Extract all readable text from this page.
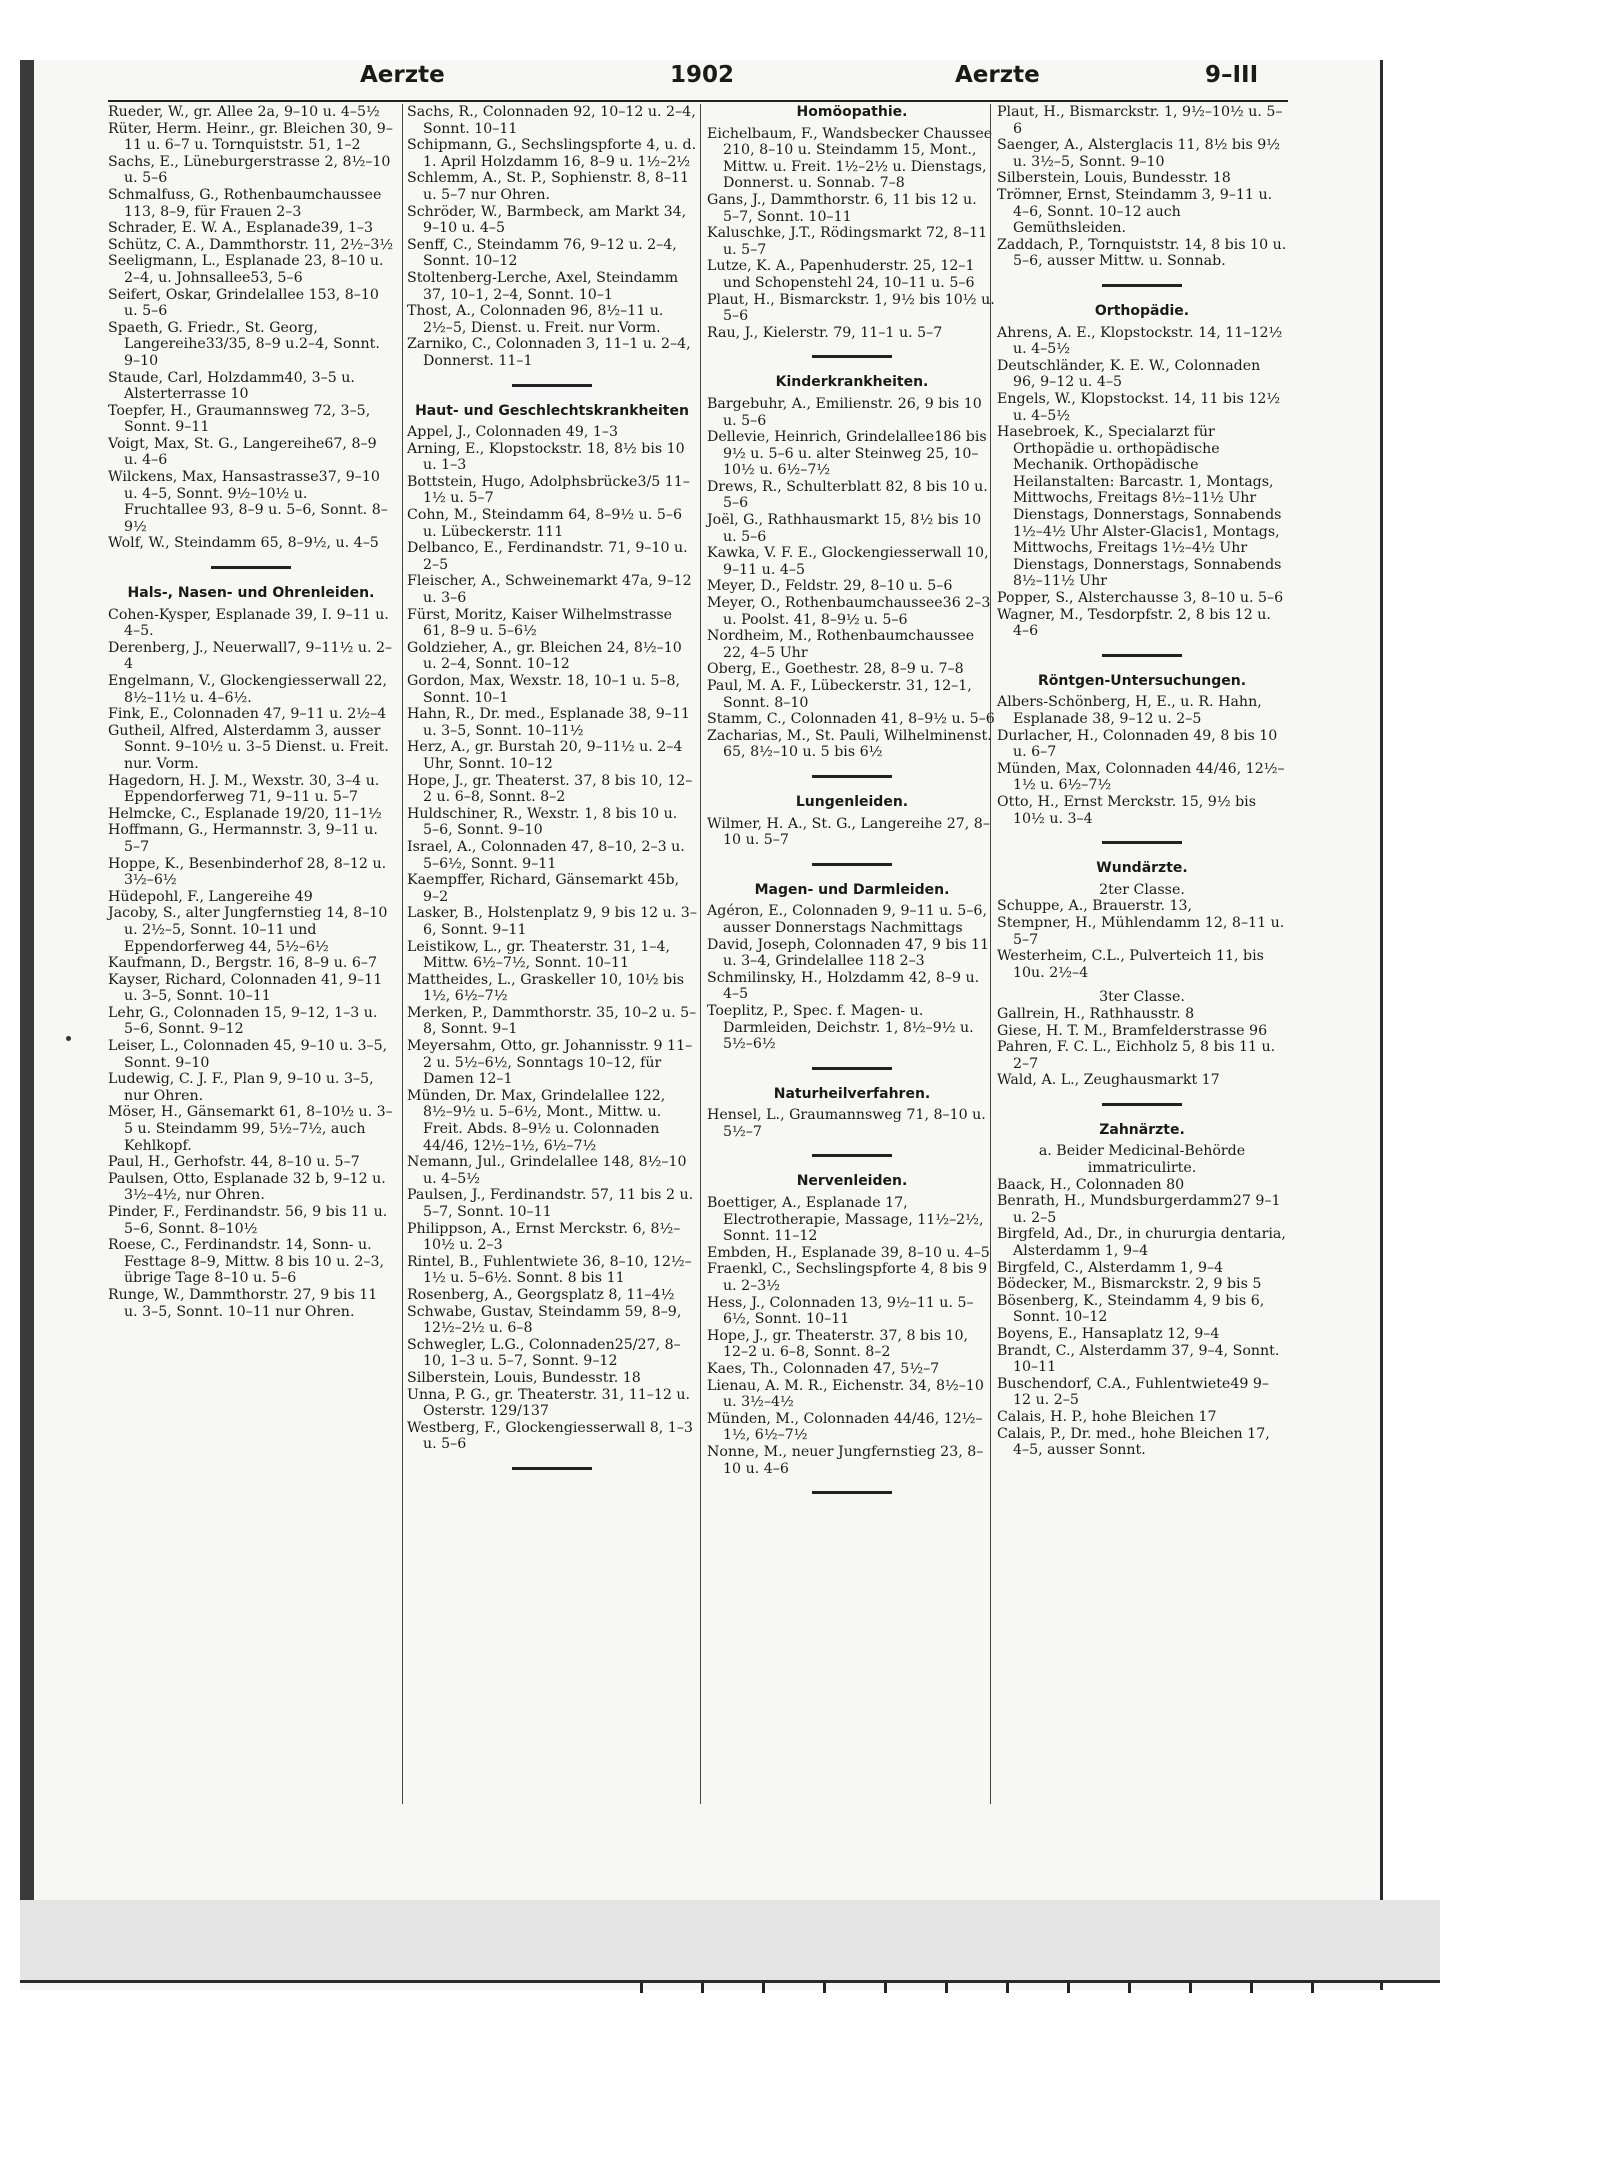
Aerzte	1902	Aerzte	9–III

Rueder, W., gr. Allee 2a, 9–10 u. 4–5½

Rüter, Herm. Heinr., gr. Bleichen 30, 9–11 u. 6–7 u. Tornquiststr. 51, 1–2

Sachs, E., Lüneburgerstrasse 2, 8½–10 u. 5–6

Schmalfuss, G., Rothenbaumchaussee 113, 8–9, für Frauen 2–3

Schrader, E. W. A., Esplanade39, 1–3

Schütz, C. A., Dammthorstr. 11, 2½–3½

Seeligmann, L., Esplanade 23, 8–10 u. 2–4, u. Johnsallee53, 5–6

Seifert, Oskar, Grindelallee 153, 8–10 u. 5–6

Spaeth, G. Friedr., St. Georg, Langereihe33/35, 8–9 u.2–4, Sonnt. 9–10

Staude, Carl, Holzdamm40, 3–5 u. Alsterterrasse 10

Toepfer, H., Graumannsweg 72, 3–5, Sonnt. 9–11

Voigt, Max, St. G., Langereihe67, 8–9 u. 4–6

Wilckens, Max, Hansastrasse37, 9–10 u. 4–5, Sonnt. 9½–10½ u. Fruchtallee 93, 8–9 u. 5–6, Sonnt. 8–9½

Wolf, W., Steindamm 65, 8–9½, u. 4–5

Hals-, Nasen- und Ohrenleiden.

Cohen-Kysper, Esplanade 39, I. 9–11 u. 4–5.

Derenberg, J., Neuerwall7, 9–11½ u. 2–4

Engelmann, V., Glockengiesserwall 22, 8½–11½ u. 4–6½.

Fink, E., Colonnaden 47, 9–11 u. 2½–4

Gutheil, Alfred, Alsterdamm 3, ausser Sonnt. 9–10½ u. 3–5 Dienst. u. Freit. nur. Vorm.

Hagedorn, H. J. M., Wexstr. 30, 3–4 u. Eppendorferweg 71, 9–11 u. 5–7

Helmcke, C., Esplanade 19/20, 11–1½

Hoffmann, G., Hermannstr. 3, 9–11 u. 5–7

Hoppe, K., Besenbinderhof 28, 8–12 u. 3½–6½

Hüdepohl, F., Langereihe 49

Jacoby, S., alter Jungfernstieg 14, 8–10 u. 2½–5, Sonnt. 10–11 und Eppendorferweg 44, 5½–6½

Kaufmann, D., Bergstr. 16, 8–9 u. 6–7

Kayser, Richard, Colonnaden 41, 9–11 u. 3–5, Sonnt. 10–11

Lehr, G., Colonnaden 15, 9–12, 1–3 u. 5–6, Sonnt. 9–12

Leiser, L., Colonnaden 45, 9–10 u. 3–5, Sonnt. 9–10

Ludewig, C. J. F., Plan 9, 9–10 u. 3–5, nur Ohren.

Möser, H., Gänsemarkt 61, 8–10½ u. 3–5 u. Steindamm 99, 5½–7½, auch Kehlkopf.

Paul, H., Gerhofstr. 44, 8–10 u. 5–7

Paulsen, Otto, Esplanade 32 b, 9–12 u. 3½–4½, nur Ohren.

Pinder, F., Ferdinandstr. 56, 9 bis 11 u. 5–6, Sonnt. 8–10½

Roese, C., Ferdinandstr. 14, Sonn- u. Festtage 8–9, Mittw. 8 bis 10 u. 2–3, übrige Tage 8–10 u. 5–6

Runge, W., Dammthorstr. 27, 9 bis 11 u. 3–5, Sonnt. 10–11 nur Ohren.

Sachs, R., Colonnaden 92, 10–12 u. 2–4, Sonnt. 10–11

Schipmann, G., Sechslingspforte 4, u. d. 1. April Holzdamm 16, 8–9 u. 1½–2½

Schlemm, A., St. P., Sophienstr. 8, 8–11 u. 5–7 nur Ohren.

Schröder, W., Barmbeck, am Markt 34, 9–10 u. 4–5

Senff, C., Steindamm 76, 9–12 u. 2–4, Sonnt. 10–12

Stoltenberg-Lerche, Axel, Steindamm 37, 10–1, 2–4, Sonnt. 10–1

Thost, A., Colonnaden 96, 8½–11 u. 2½–5, Dienst. u. Freit. nur Vorm.

Zarniko, C., Colonnaden 3, 11–1 u. 2–4, Donnerst. 11–1

Haut- und Geschlechtskrankheiten

Appel, J., Colonnaden 49, 1–3

Arning, E., Klopstockstr. 18, 8½ bis 10 u. 1–3

Bottstein, Hugo, Adolphsbrücke3/5 11–1½ u. 5–7

Cohn, M., Steindamm 64, 8–9½ u. 5–6 u. Lübeckerstr. 111

Delbanco, E., Ferdinandstr. 71, 9–10 u. 2–5

Fleischer, A., Schweinemarkt 47a, 9–12 u. 3–6

Fürst, Moritz, Kaiser Wilhelmstrasse 61, 8–9 u. 5–6½

Goldzieher, A., gr. Bleichen 24, 8½–10 u. 2–4, Sonnt. 10–12

Gordon, Max, Wexstr. 18, 10–1 u. 5–8, Sonnt. 10–1

Hahn, R., Dr. med., Esplanade 38, 9–11 u. 3–5, Sonnt. 10–11½

Herz, A., gr. Burstah 20, 9–11½ u. 2–4 Uhr, Sonnt. 10–12

Hope, J., gr. Theaterst. 37, 8 bis 10, 12–2 u. 6–8, Sonnt. 8–2

Huldschiner, R., Wexstr. 1, 8 bis 10 u. 5–6, Sonnt. 9–10

Israel, A., Colonnaden 47, 8–10, 2–3 u. 5–6½, Sonnt. 9–11

Kaempffer, Richard, Gänsemarkt 45b, 9–2

Lasker, B., Holstenplatz 9, 9 bis 12 u. 3–6, Sonnt. 9–11

Leistikow, L., gr. Theaterstr. 31, 1–4, Mittw. 6½–7½, Sonnt. 10–11

Mattheides, L., Graskeller 10, 10½ bis 1½, 6½–7½

Merken, P., Dammthorstr. 35, 10–2 u. 5–8, Sonnt. 9–1

Meyersahm, Otto, gr. Johannisstr. 9 11–2 u. 5½–6½, Sonntags 10–12, für Damen 12–1

Münden, Dr. Max, Grindelallee 122, 8½–9½ u. 5–6½, Mont., Mittw. u. Freit. Abds. 8–9½ u. Colonnaden 44/46, 12½–1½, 6½–7½

Nemann, Jul., Grindelallee 148, 8½–10 u. 4–5½

Paulsen, J., Ferdinandstr. 57, 11 bis 2 u. 5–7, Sonnt. 10–11

Philippson, A., Ernst Merckstr. 6, 8½–10½ u. 2–3

Rintel, B., Fuhlentwiete 36, 8–10, 12½–1½ u. 5–6½. Sonnt. 8 bis 11

Rosenberg, A., Georgsplatz 8, 11–4½

Schwabe, Gustav, Steindamm 59, 8–9, 12½–2½ u. 6–8

Schwegler, L.G., Colonnaden25/27, 8–10, 1–3 u. 5–7, Sonnt. 9–12

Silberstein, Louis, Bundesstr. 18

Unna, P. G., gr. Theaterstr. 31, 11–12 u. Osterstr. 129/137

Westberg, F., Glockengiesserwall 8, 1–3 u. 5–6

Homöopathie.

Eichelbaum, F., Wandsbecker Chaussee 210, 8–10 u. Steindamm 15, Mont., Mittw. u. Freit. 1½–2½ u. Dienstags, Donnerst. u. Sonnab. 7–8

Gans, J., Dammthorstr. 6, 11 bis 12 u. 5–7, Sonnt. 10–11

Kaluschke, J.T., Rödingsmarkt 72, 8–11 u. 5–7

Lutze, K. A., Papenhuderstr. 25, 12–1 und Schopenstehl 24, 10–11 u. 5–6

Plaut, H., Bismarckstr. 1, 9½ bis 10½ u. 5–6

Rau, J., Kielerstr. 79, 11–1 u. 5–7

Kinderkrankheiten.

Bargebuhr, A., Emilienstr. 26, 9 bis 10 u. 5–6

Dellevie, Heinrich, Grindelallee186 bis 9½ u. 5–6 u. alter Steinweg 25, 10–10½ u. 6½–7½

Drews, R., Schulterblatt 82, 8 bis 10 u. 5–6

Joël, G., Rathhausmarkt 15, 8½ bis 10 u. 5–6

Kawka, V. F. E., Glockengiesserwall 10, 9–11 u. 4–5

Meyer, D., Feldstr. 29, 8–10 u. 5–6

Meyer, O., Rothenbaumchaussee36 2–3 u. Poolst. 41, 8–9½ u. 5–6

Nordheim, M., Rothenbaumchaussee 22, 4–5 Uhr

Oberg, E., Goethestr. 28, 8–9 u. 7–8

Paul, M. A. F., Lübeckerstr. 31, 12–1, Sonnt. 8–10

Stamm, C., Colonnaden 41, 8–9½ u. 5–6

Zacharias, M., St. Pauli, Wilhelminenst. 65, 8½–10 u. 5 bis 6½

Lungenleiden.

Wilmer, H. A., St. G., Langereihe 27, 8–10 u. 5–7

Magen- und Darmleiden.

Agéron, E., Colonnaden 9, 9–11 u. 5–6, ausser Donnerstags Nachmittags

David, Joseph, Colonnaden 47, 9 bis 11 u. 3–4, Grindelallee 118 2–3

Schmilinsky, H., Holzdamm 42, 8–9 u. 4–5

Toeplitz, P., Spec. f. Magen- u. Darmleiden, Deichstr. 1, 8½–9½ u. 5½–6½

Naturheilverfahren.

Hensel, L., Graumannsweg 71, 8–10 u. 5½–7

Nervenleiden.

Boettiger, A., Esplanade 17, Electrotherapie, Massage, 11½–2½, Sonnt. 11–12

Embden, H., Esplanade 39, 8–10 u. 4–5

Fraenkl, C., Sechslingspforte 4, 8 bis 9 u. 2–3½

Hess, J., Colonnaden 13, 9½–11 u. 5–6½, Sonnt. 10–11

Hope, J., gr. Theaterstr. 37, 8 bis 10, 12–2 u. 6–8, Sonnt. 8–2

Kaes, Th., Colonnaden 47, 5½–7

Lienau, A. M. R., Eichenstr. 34, 8½–10 u. 3½–4½

Münden, M., Colonnaden 44/46, 12½–1½, 6½–7½

Nonne, M., neuer Jungfernstieg 23, 8–10 u. 4–6

Plaut, H., Bismarckstr. 1, 9½–10½ u. 5–6

Saenger, A., Alsterglacis 11, 8½ bis 9½ u. 3½–5, Sonnt. 9–10

Silberstein, Louis, Bundesstr. 18

Trömner, Ernst, Steindamm 3, 9–11 u. 4–6, Sonnt. 10–12 auch Gemüthsleiden.

Zaddach, P., Tornquiststr. 14, 8 bis 10 u. 5–6, ausser Mittw. u. Sonnab.

Orthopädie.

Ahrens, A. E., Klopstockstr. 14, 11–12½ u. 4–5½

Deutschländer, K. E. W., Colonnaden 96, 9–12 u. 4–5

Engels, W., Klopstockst. 14, 11 bis 12½ u. 4–5½

Hasebroek, K., Specialarzt für Orthopädie u. orthopädische Mechanik. Orthopädische Heilanstalten: Barcastr. 1, Montags, Mittwochs, Freitags 8½–11½ Uhr Dienstags, Donnerstags, Sonnabends 1½–4½ Uhr Alster-Glacis1, Montags, Mittwochs, Freitags 1½–4½ Uhr Dienstags, Donnerstags, Sonnabends 8½–11½ Uhr

Popper, S., Alsterchausse 3, 8–10 u. 5–6

Wagner, M., Tesdorpfstr. 2, 8 bis 12 u. 4–6

Röntgen-Untersuchungen.

Albers-Schönberg, H, E., u. R. Hahn, Esplanade 38, 9–12 u. 2–5

Durlacher, H., Colonnaden 49, 8 bis 10 u. 6–7

Münden, Max, Colonnaden 44/46, 12½–1½ u. 6½–7½

Otto, H., Ernst Merckstr. 15, 9½ bis 10½ u. 3–4

Wundärzte.
2ter Classe.

Schuppe, A., Brauerstr. 13,

Stempner, H., Mühlendamm 12, 8–11 u. 5–7

Westerheim, C.L., Pulverteich 11, bis 10u. 2½–4

3ter Classe.

Gallrein, H., Rathhausstr. 8

Giese, H. T. M., Bramfelderstrasse 96

Pahren, F. C. L., Eichholz 5, 8 bis 11 u. 2–7

Wald, A. L., Zeughausmarkt 17

Zahnärzte.
a. Beider Medicinal-Behörde immatriculirte.

Baack, H., Colonnaden 80

Benrath, H., Mundsburgerdamm27 9–1 u. 2–5

Birgfeld, Ad., Dr., in chururgia dentaria, Alsterdamm 1, 9–4

Birgfeld, C., Alsterdamm 1, 9–4

Bödecker, M., Bismarckstr. 2, 9 bis 5

Bösenberg, K., Steindamm 4, 9 bis 6, Sonnt. 10–12

Boyens, E., Hansaplatz 12, 9–4

Brandt, C., Alsterdamm 37, 9–4, Sonnt. 10–11

Buschendorf, C.A., Fuhlentwiete49 9–12 u. 2–5

Calais, H. P., hohe Bleichen 17

Calais, P., Dr. med., hohe Bleichen 17, 4–5, ausser Sonnt.
